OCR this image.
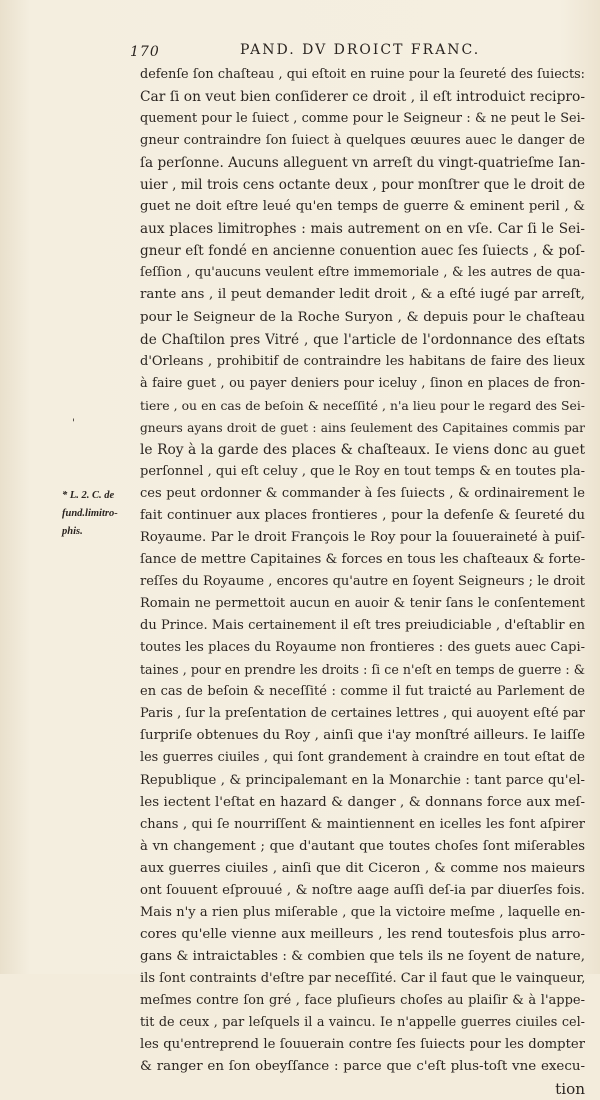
170	PAND. DV DROICT FRANC.
defenſe ſon chaſteau , qui eſtoit en ruine pour la ſeureté des ſuiects:
Car ſi on veut bien conſiderer ce droit , il eſt introduict recipro-
quement pour le ſuiect , comme pour le Seigneur : & ne peut le Sei-
gneur contraindre ſon ſuiect à quelques œuures auec le danger de
ſa perſonne. Aucuns alleguent vn arreſt du vingt-quatrieſme Ian-
uier , mil trois cens octante deux , pour monſtrer que le droit de
guet ne doit eſtre leué qu'en temps de guerre & eminent peril , &
aux places limitrophes : mais autrement on en vſe. Car ſi le Sei-
gneur eſt fondé en ancienne conuention auec ſes ſuiects , & poſ-
ſeſſion , qu'aucuns veulent eſtre immemoriale , & les autres de qua-
rante ans , il peut demander ledit droit , & a eſté iugé par arreſt,
pour le Seigneur de la Roche Suryon , & depuis pour le chaſteau
de Chaſtilon pres Vitré , que l'article de l'ordonnance des eſtats
d'Orleans , prohibitif de contraindre les habitans de faire des lieux
à faire guet , ou payer deniers pour iceluy , ſinon en places de fron-
tiere , ou en cas de beſoin & neceſſité , n'a lieu pour le regard des Sei-
gneurs ayans droit de guet : ains ſeulement des Capitaines commis par
le Roy à la garde des places & chaſteaux. Ie viens donc au guet
perſonnel , qui eſt celuy , que le Roy en tout temps & en toutes pla-
ces peut ordonner & commander à ſes ſuiects , & ordinairement le
fait continuer aux places frontieres , pour la defenſe & ſeureté du
Royaume. Par le droit François le Roy pour la ſouueraineté à puiſ-
ſance de mettre Capitaines & forces en tous les chaſteaux & forte-
reſſes du Royaume , encores qu'autre en ſoyent Seigneurs ; le droit
Romain ne permettoit aucun en auoir & tenir ſans le conſentement
du Prince. Mais certainement il eſt tres preiudiciable , d'eſtablir en
toutes les places du Royaume non frontieres : des guets auec Capi-
taines , pour en prendre les droits : ſi ce n'eſt en temps de guerre : &
en cas de beſoin & neceſſité : comme il fut traicté au Parlement de
Paris , ſur la preſentation de certaines lettres , qui auoyent eſté par
ſurpriſe obtenues du Roy , ainſi que i'ay monſtré ailleurs. Ie laiſſe
les guerres ciuiles , qui ſont grandement à craindre en tout eſtat de
Republique , & principalemant en la Monarchie : tant parce qu'el-
les iectent l'eſtat en hazard & danger , & donnans force aux meſ-
chans , qui ſe nourriſſent & maintiennent en icelles les font aſpirer
à vn changement ; que d'autant que toutes choſes ſont miſerables
aux guerres ciuiles , ainſi que dit Ciceron , & comme nos maieurs
ont ſouuent eſprouué , & noſtre aage auſſi deſ-ia par diuerſes fois.
Mais n'y a rien plus miſerable , que la victoire meſme , laquelle en-
cores qu'elle vienne aux meilleurs , les rend toutesfois plus arro-
gans & intraictables : & combien que tels ils ne ſoyent de nature,
ils ſont contraints d'eſtre par neceſſité. Car il faut que le vainqueur,
meſmes contre ſon gré , face pluſieurs choſes au plaiſir & à l'appe-
tit de ceux , par leſquels il a vaincu. Ie n'appelle guerres ciuiles cel-
les qu'entreprend le ſouuerain contre ſes ſuiects pour les dompter
& ranger en ſon obeyſſance : parce que c'eſt plus-toſt vne execu-
tion
'
* L. 2. C. de
fund.limitro-
phis.
